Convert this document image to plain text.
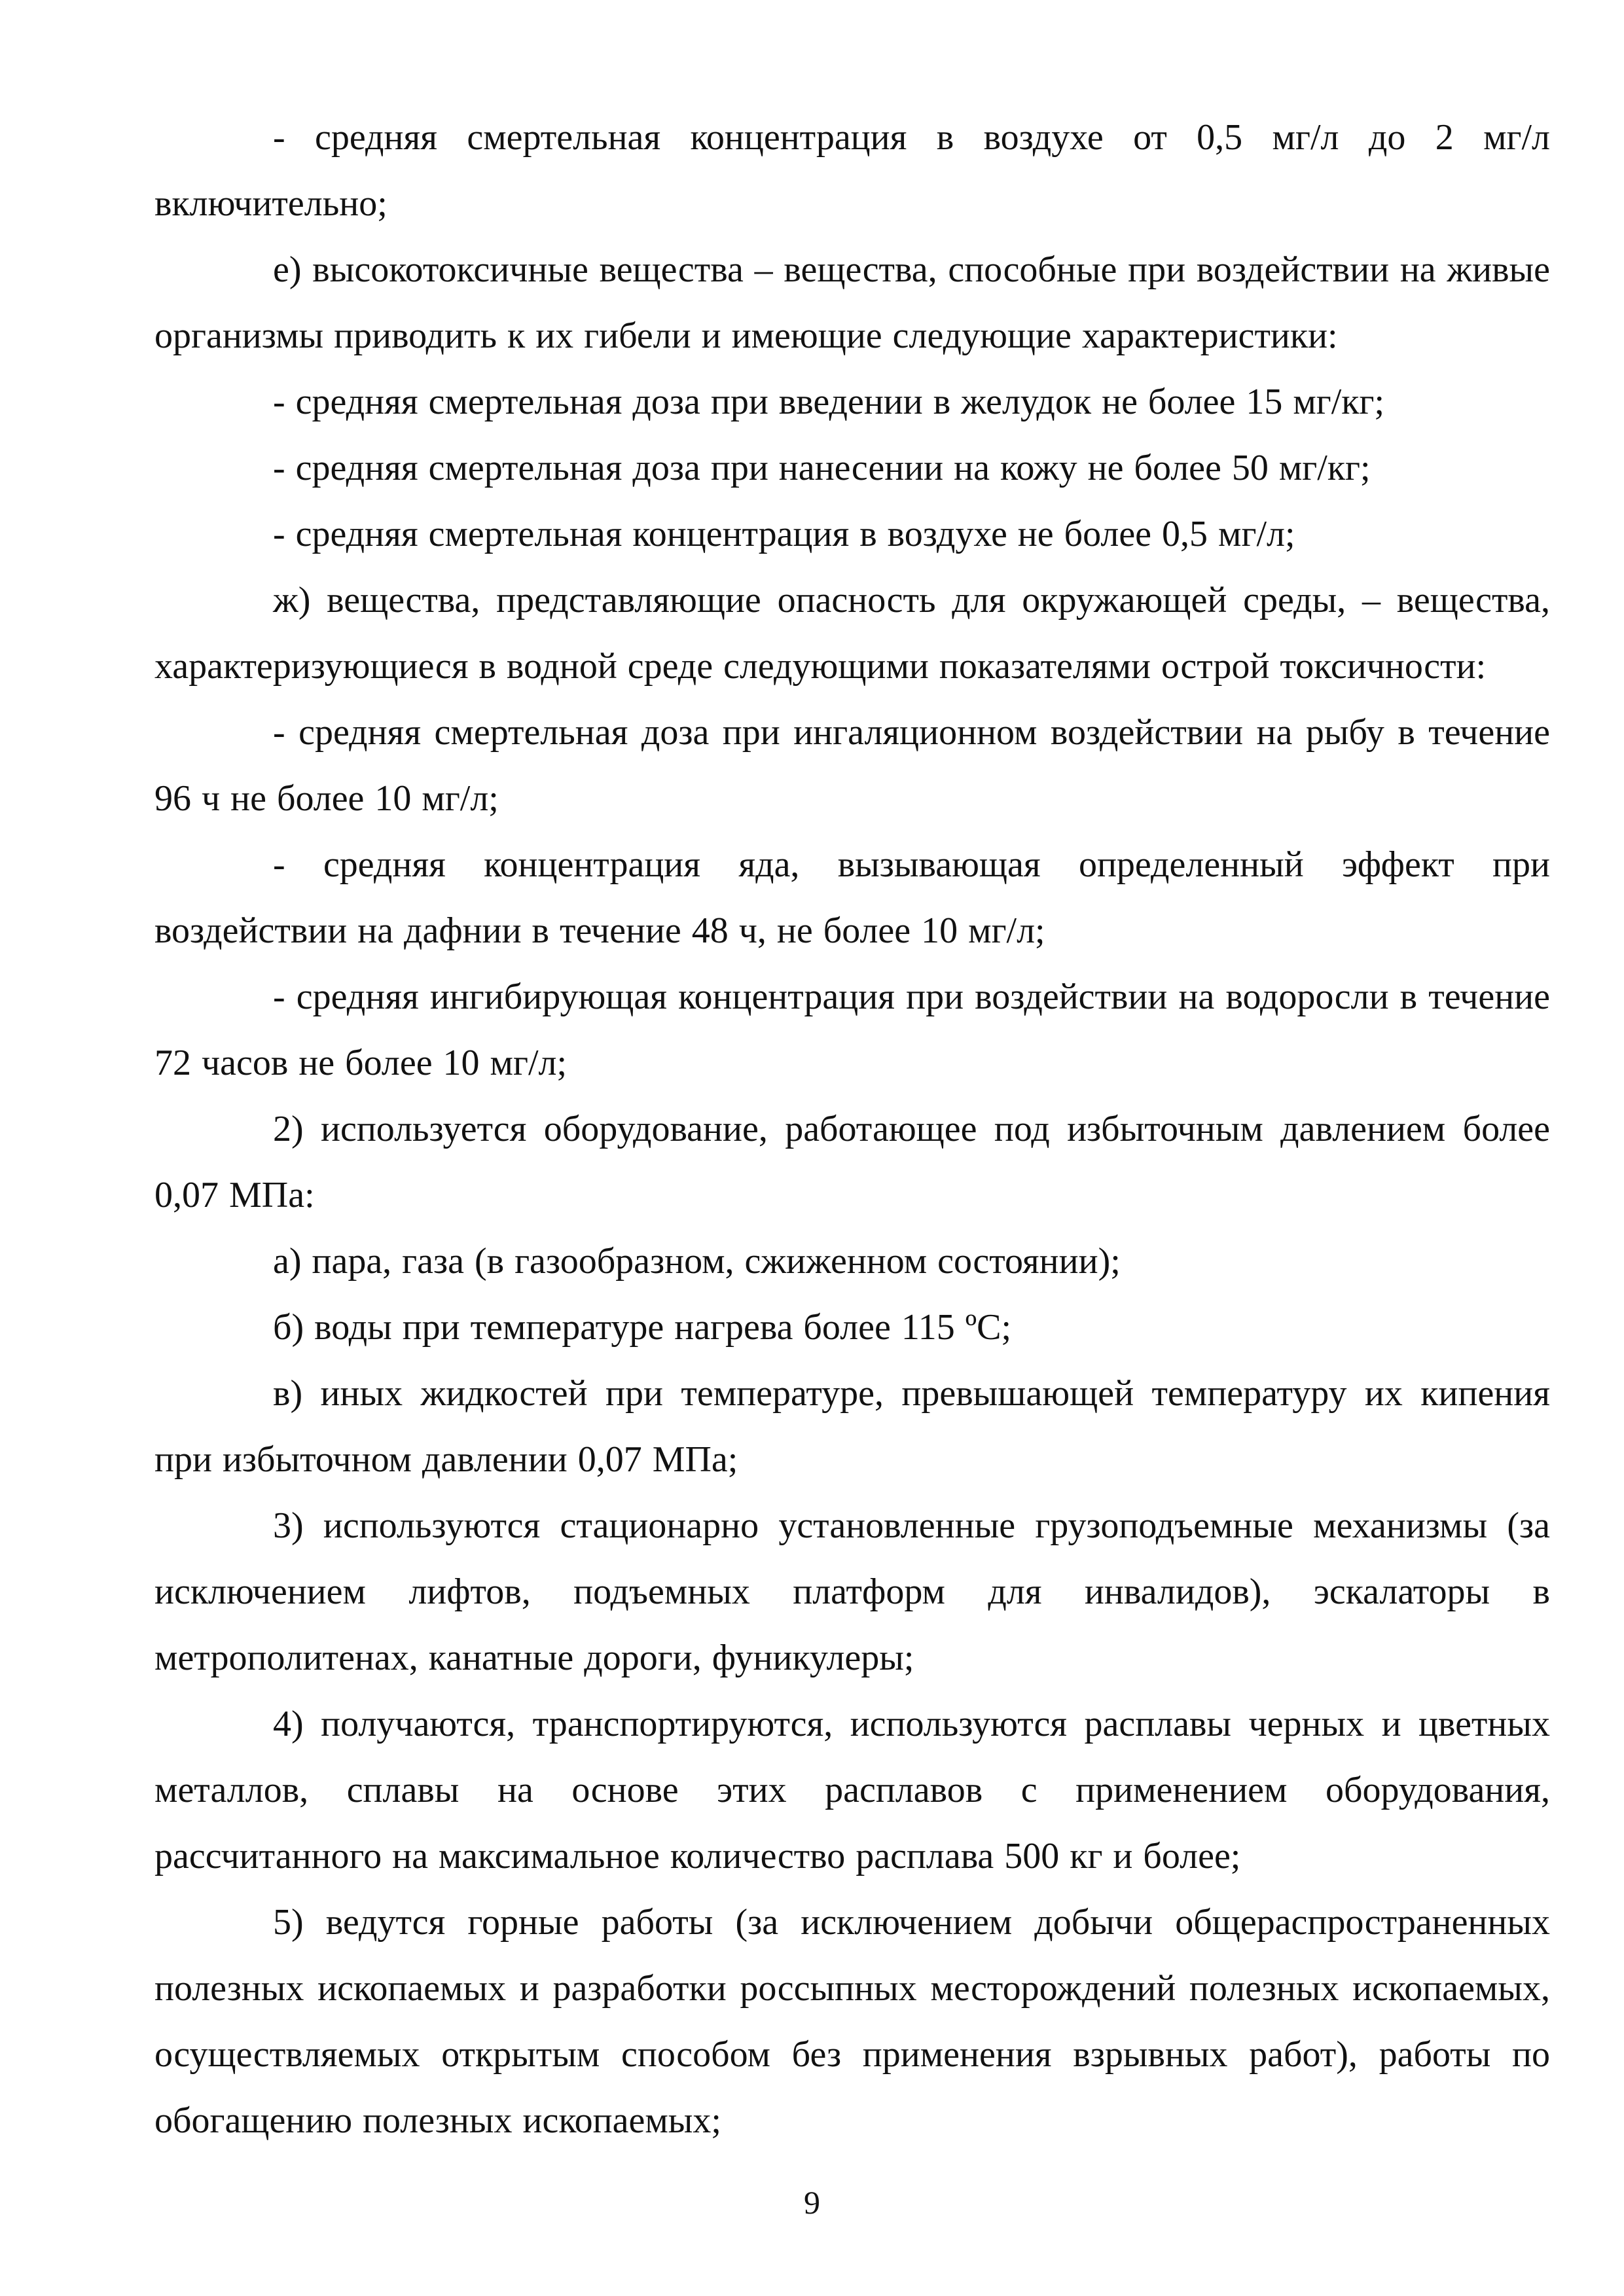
- средняя смертельная концентрация в воздухе от 0,5 мг/л до 2 мг/л включительно;

е) высокотоксичные вещества – вещества, способные при воздействии на живые организмы приводить к их гибели и имеющие следующие характеристики:

- средняя смертельная доза при введении в желудок не более 15 мг/кг;

- средняя смертельная доза при нанесении на кожу не более 50 мг/кг;

- средняя смертельная концентрация в воздухе не более 0,5 мг/л;

ж) вещества, представляющие опасность для окружающей среды, – вещества, характеризующиеся в водной среде следующими показателями острой токсичности:

- средняя смертельная доза при ингаляционном воздействии на рыбу в течение 96 ч не более 10 мг/л;

- средняя концентрация яда, вызывающая определенный эффект при воздействии на дафнии в течение 48 ч, не более 10 мг/л;

- средняя ингибирующая концентрация при воздействии на водоросли в течение 72 часов не более 10 мг/л;

2) используется оборудование, работающее под избыточным давлением более 0,07 МПа:

а) пара, газа (в газообразном, сжиженном состоянии);

б) воды при температуре нагрева более 115 ºС;

в) иных жидкостей при температуре, превышающей температуру их кипения при избыточном давлении 0,07 МПа;

3) используются стационарно установленные грузоподъемные механизмы (за исключением лифтов, подъемных платформ для инвалидов), эскалаторы в метрополитенах, канатные дороги, фуникулеры;

4) получаются, транспортируются, используются расплавы черных и цветных металлов, сплавы на основе этих расплавов с применением оборудования, рассчитанного на максимальное количество расплава 500 кг и более;

5) ведутся горные работы (за исключением добычи общераспространенных полезных ископаемых и разработки россыпных месторождений полезных ископаемых, осуществляемых открытым способом без применения взрывных работ), работы по обогащению полезных ископаемых;

9
